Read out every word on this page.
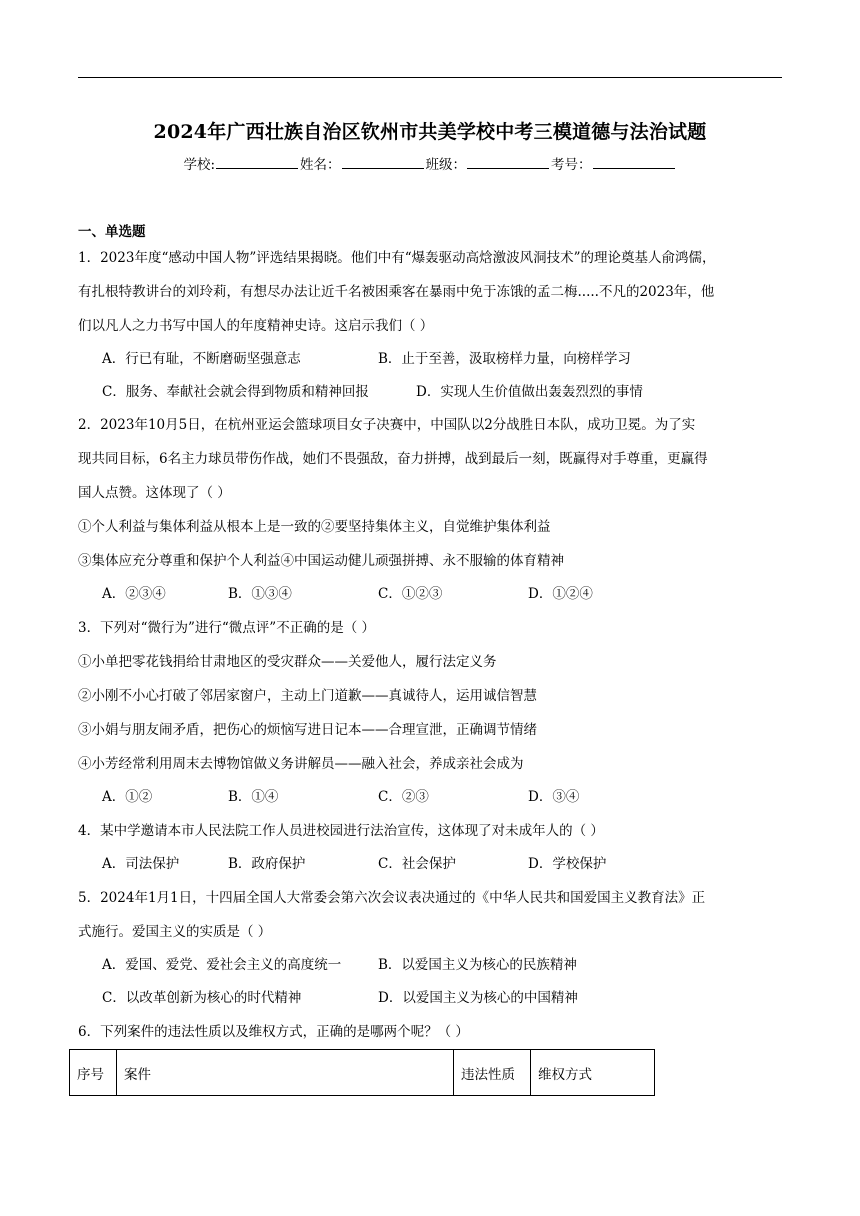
2024年广西壮族自治区钦州市共美学校中考三模道德与法治试题
学校:	姓名：	班级：	考号：
一、单选题
1．2023年度“感动中国人物”评选结果揭晓。他们中有“爆轰驱动高焓激波风洞技术”的理论奠基人俞鸿儒，
有扎根特教讲台的刘玲莉，有想尽办法让近千名被困乘客在暴雨中免于冻饿的孟二梅.....不凡的2023年，他
们以凡人之力书写中国人的年度精神史诗。这启示我们（ ）
A．行已有耻，不断磨砺坚强意志	B．止于至善，汲取榜样力量，向榜样学习
C．服务、奉献社会就会得到物质和精神回报	D．实现人生价值做出轰轰烈烈的事情
2．2023年10月5日，在杭州亚运会篮球项目女子决赛中，中国队以2分战胜日本队，成功卫冕。为了实
现共同目标，6名主力球员带伤作战，她们不畏强敌，奋力拼搏，战到最后一刻，既赢得对手尊重，更赢得
国人点赞。这体现了（ ）
①个人利益与集体利益从根本上是一致的②要坚持集体主义，自觉维护集体利益
③集体应充分尊重和保护个人利益④中国运动健儿顽强拼搏、永不服输的体育精神
A．②③④	B．①③④	C．①②③	D．①②④
3．下列对“微行为”进行“微点评”不正确的是（ ）
①小单把零花钱捐给甘肃地区的受灾群众——关爱他人，履行法定义务
②小刚不小心打破了邻居家窗户，主动上门道歉——真诚待人，运用诚信智慧
③小娟与朋友闹矛盾，把伤心的烦恼写进日记本——合理宣泄，正确调节情绪
④小芳经常利用周末去博物馆做义务讲解员——融入社会，养成亲社会成为
A．①②	B．①④	C．②③	D．③④
4．某中学邀请本市人民法院工作人员进校园进行法治宣传，这体现了对未成年人的（ ）
A．司法保护	B．政府保护	C．社会保护	D．学校保护
5．2024年1月1日，十四届全国人大常委会第六次会议表决通过的《中华人民共和国爱国主义教育法》正
式施行。爱国主义的实质是（ ）
A．爱国、爱党、爱社会主义的高度统一	B．以爱国主义为核心的民族精神
C．以改革创新为核心的时代精神	D．以爱国主义为核心的中国精神
6．下列案件的违法性质以及维权方式，正确的是哪两个呢？（ ）
序号	案件	违法性质	维权方式
